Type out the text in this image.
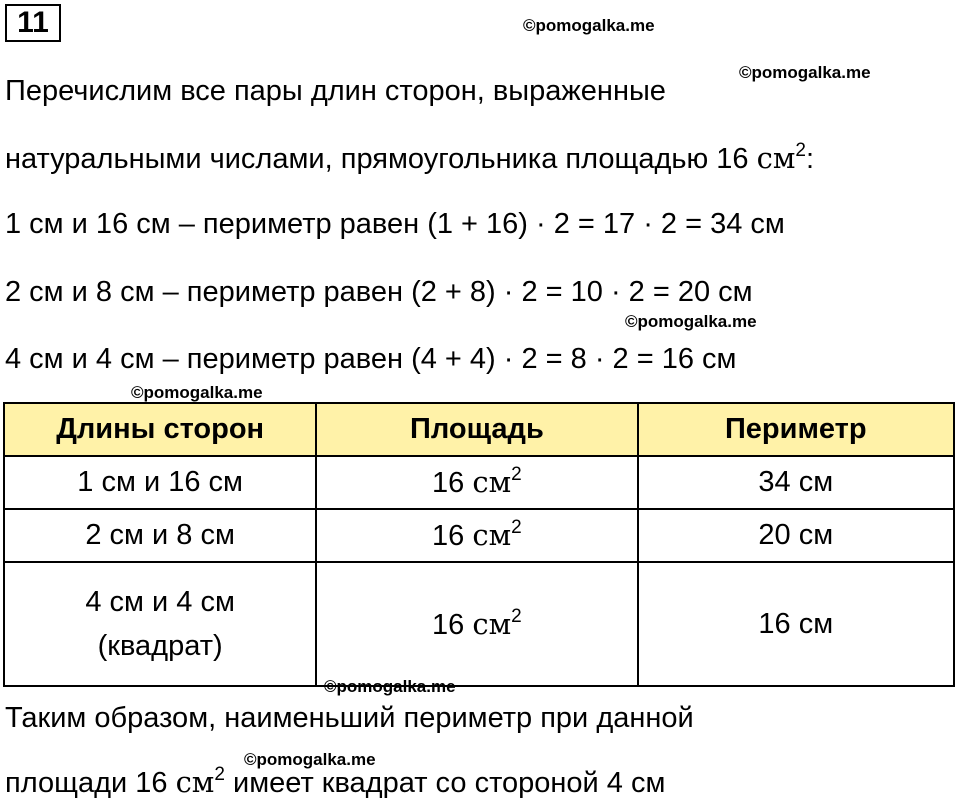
11	©pomogalka.me
©pomogalka.me
©pomogalka.me
©pomogalka.me
©pomogalka.me
©pomogalka.me
Перечислим все пары длин сторон, выраженные
натуральными числами, прямоугольника площадью 16 $см^2$:
1 см и 16 см – периметр равен (1 + 16) · 2 = 17 · 2 = 34 см
2 см и 8 см – периметр равен (2 + 8) · 2 = 10 · 2 = 20 см
4 см и 4 см – периметр равен (4 + 4) · 2 = 8 · 2 = 16 см
Длины сторон	Площадь	Периметр
1 см и 16 см	16 $см^2$	34 см
2 см и 8 см	16 $см^2$	20 см

4 см и 4 см
(квадрат)	16 $см^2$	16 см
Таким образом, наименьший периметр при данной
площади 16 $см^2$ имеет квадрат со стороной 4 см
